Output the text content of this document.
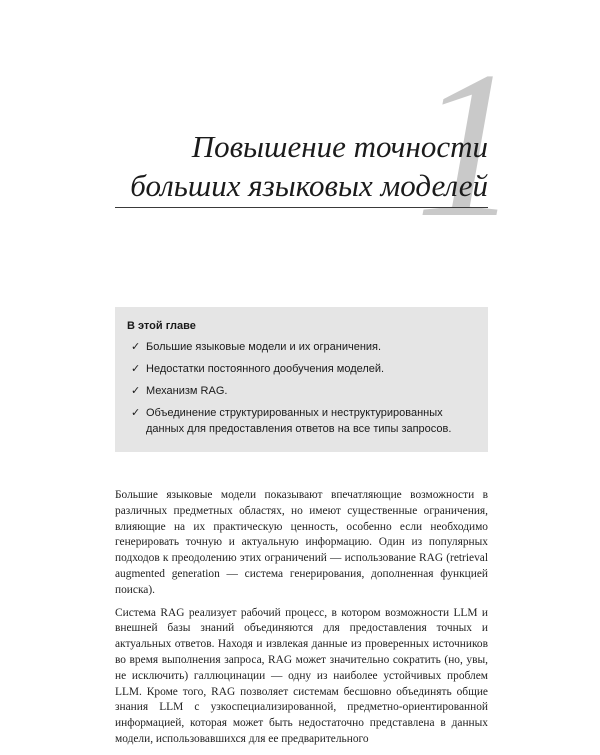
1
Повышение точности
больших языковых моделей
В этой главе
✓ Большие языковые модели и их ограничения.
✓ Недостатки постоянного дообучения моделей.
✓ Механизм RAG.
✓ Объединение структурированных и неструктурированных данных для предоставления ответов на все типы запросов.

Большие языковые модели показывают впечатляющие возможности в различных предметных областях, но имеют существенные ограничения, влияющие на их практическую ценность, особенно если необходимо генерировать точную и актуальную информацию. Один из популярных подходов к преодолению этих ограничений — использование RAG (retrieval augmented generation — система генерирования, дополненная функцией поиска).

Система RAG реализует рабочий процесс, в котором возможности LLM и внешней базы знаний объединяются для предоставления точных и актуальных ответов. Находя и извлекая данные из проверенных источников во время выполнения запроса, RAG может значительно сократить (но, увы, не исключить) галлюцинации — одну из наиболее устойчивых проблем LLM. Кроме того, RAG позволяет системам бесшовно объединять общие знания LLM с узкоспециализированной, предметно-ориентированной информацией, которая может быть недостаточно представлена в данных модели, использовавшихся для ее предварительного
